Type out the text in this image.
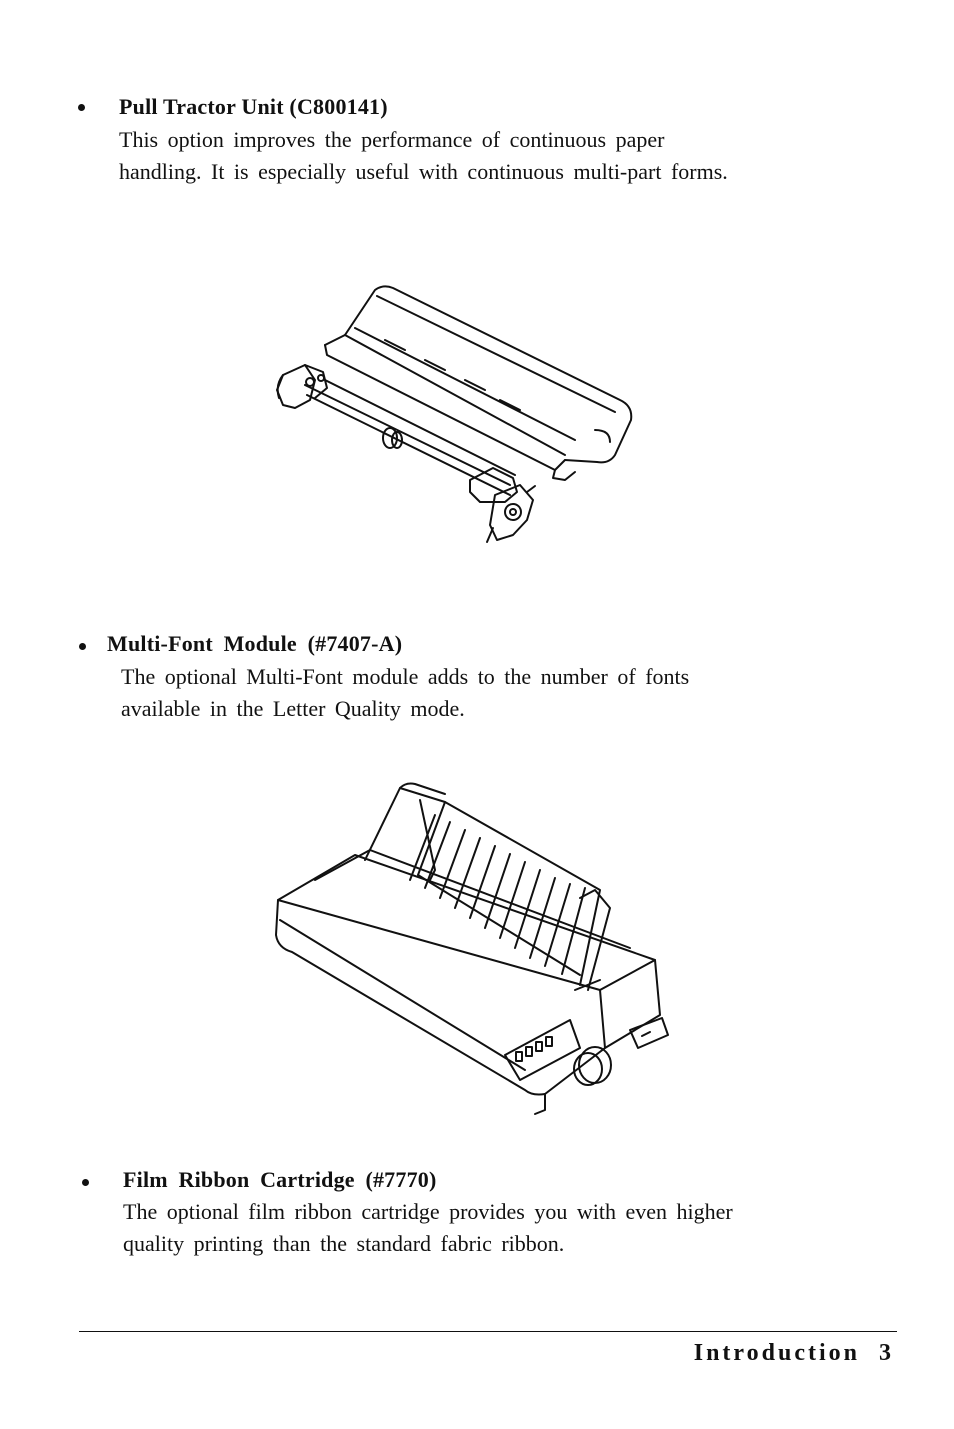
Pull Tractor Unit (C800141)
This option improves the performance of continuous paper
handling. It is especially useful with continuous multi-part forms.
Multi-Font Module (#7407-A)
The optional Multi-Font module adds to the number of fonts
available in the Letter Quality mode.
Film Ribbon Cartridge (#7770)
The optional film ribbon cartridge provides you with even higher
quality printing than the standard fabric ribbon.
Introduction 3
